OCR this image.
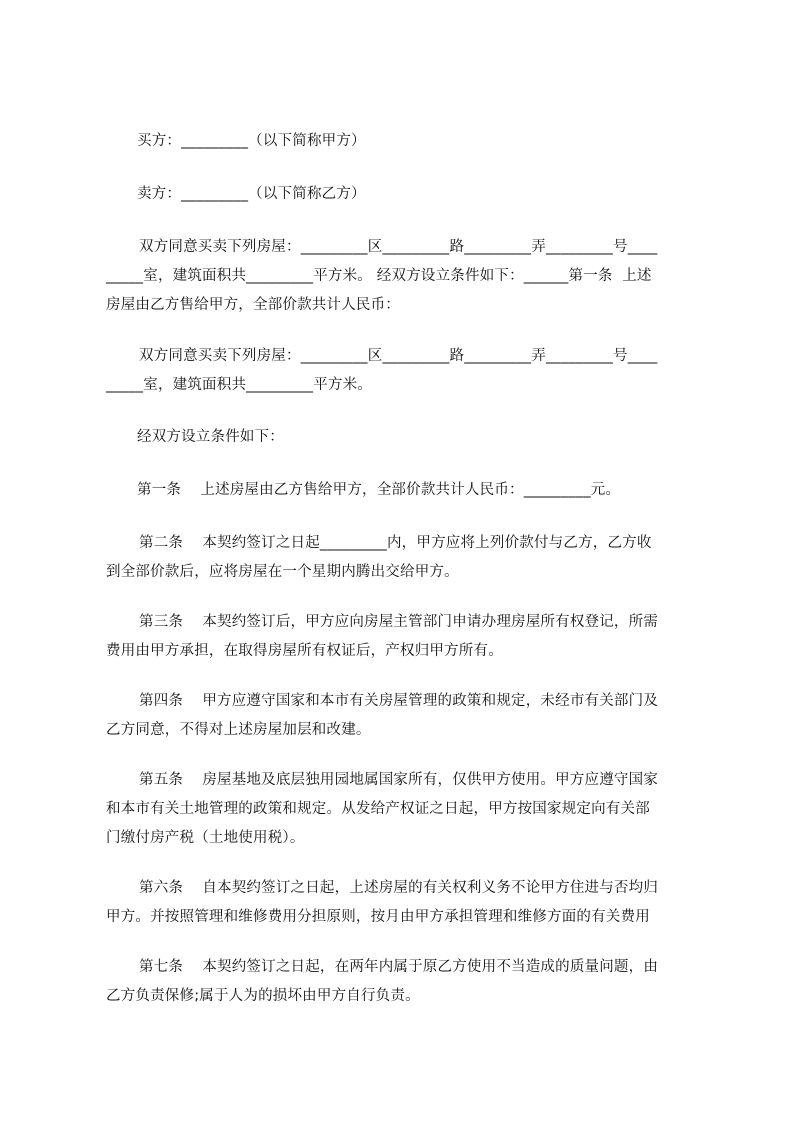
买方：_________（以下简称甲方）
卖方：_________（以下简称乙方）
双方同意买卖下列房屋：_________区_________路_________弄_________号____
_____室，建筑面积共_________平方米。 经双方设立条件如下：______第一条  上述
房屋由乙方售给甲方，全部价款共计人民币：
双方同意买卖下列房屋：_________区_________路_________弄_________号____
_____室，建筑面积共_________平方米。
经双方设立条件如下：
第一条    上述房屋由乙方售给甲方，全部价款共计人民币：_________元。
第二条    本契约签订之日起_________内，甲方应将上列价款付与乙方，乙方收
到全部价款后，应将房屋在一个星期内腾出交给甲方。
第三条    本契约签订后，甲方应向房屋主管部门申请办理房屋所有权登记，所需
费用由甲方承担，在取得房屋所有权证后，产权归甲方所有。
第四条    甲方应遵守国家和本市有关房屋管理的政策和规定，未经市有关部门及
乙方同意，不得对上述房屋加层和改建。
第五条    房屋基地及底层独用园地属国家所有，仅供甲方使用。甲方应遵守国家
和本市有关土地管理的政策和规定。从发给产权证之日起，甲方按国家规定向有关部
门缴付房产税（土地使用税）。
第六条    自本契约签订之日起，上述房屋的有关权利义务不论甲方住进与否均归
甲方。并按照管理和维修费用分担原则，按月由甲方承担管理和维修方面的有关费用
第七条    本契约签订之日起，在两年内属于原乙方使用不当造成的质量问题，由
乙方负责保修;属于人为的损坏由甲方自行负责。
